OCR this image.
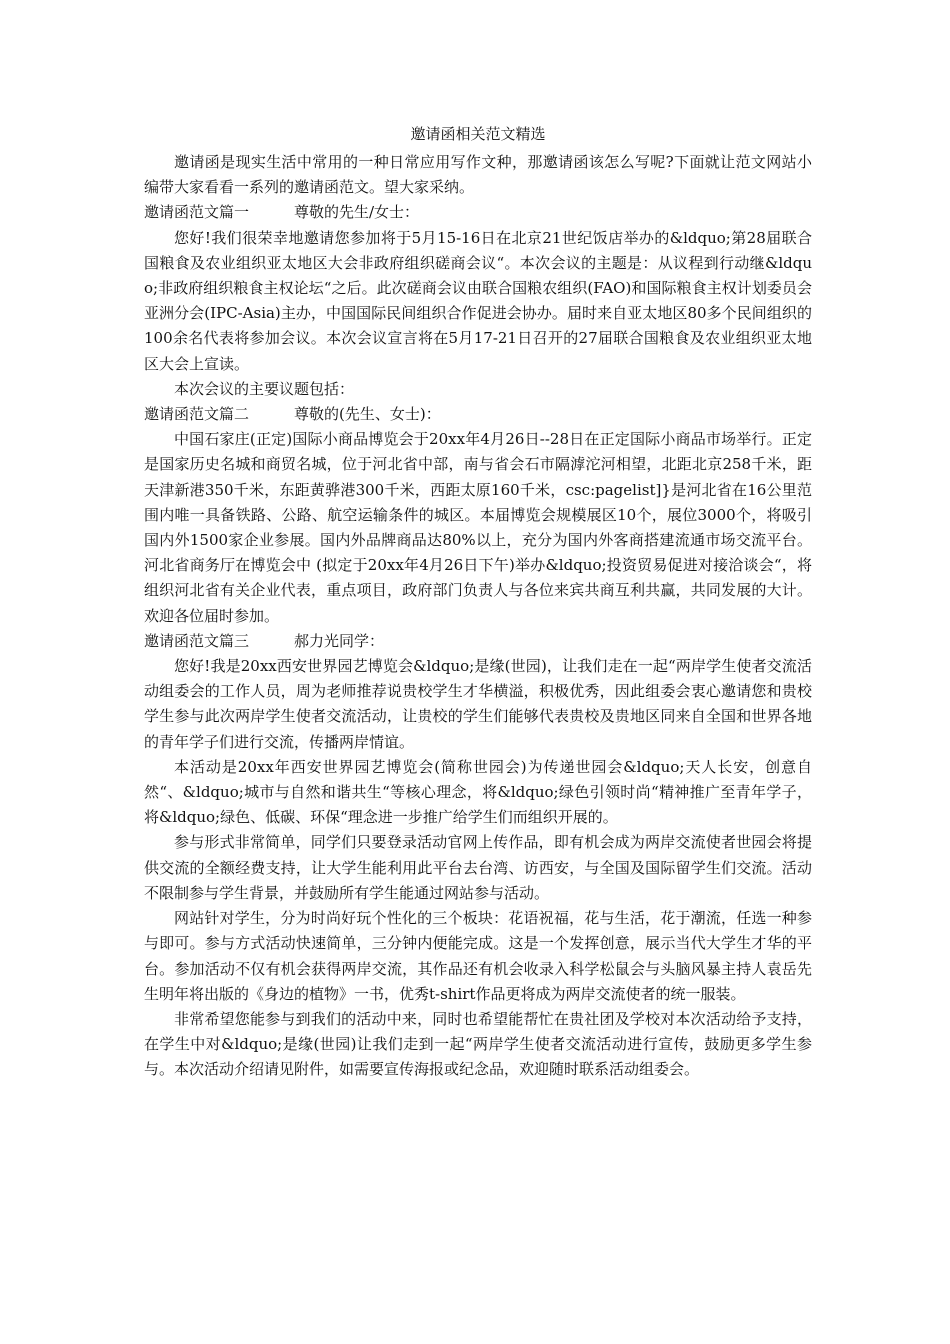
邀请函相关范文精选

邀请函是现实生活中常用的一种日常应用写作文种，那邀请函该怎么写呢?下面就让范文网站小编带大家看看一系列的邀请函范文。望大家采纳。

邀请函范文篇一	尊敬的先生/女士：

您好!我们很荣幸地邀请您参加将于5月15-16日在北京21世纪饭店举办的&ldquo;第28届联合国粮食及农业组织亚太地区大会非政府组织磋商会议“。本次会议的主题是：从议程到行动继&ldquo;非政府组织粮食主权论坛“之后。此次磋商会议由联合国粮农组织(FAO)和国际粮食主权计划委员会亚洲分会(IPC-Asia)主办，中国国际民间组织合作促进会协办。届时来自亚太地区80多个民间组织的100余名代表将参加会议。本次会议宣言将在5月17-21日召开的27届联合国粮食及农业组织亚太地区大会上宣读。

本次会议的主要议题包括：

邀请函范文篇二	尊敬的(先生、女士)：

中国石家庄(正定)国际小商品博览会于20xx年4月26日--28日在正定国际小商品市场举行。正定是国家历史名城和商贸名城，位于河北省中部，南与省会石市隔滹沱河相望，北距北京258千米，距天津新港350千米，东距黄骅港300千米，西距太原160千米，csc:pagelist]}是河北省在16公里范围内唯一具备铁路、公路、航空运输条件的城区。本届博览会规模展区10个，展位3000个，将吸引国内外1500家企业参展。国内外品牌商品达80%以上，充分为国内外客商搭建流通市场交流平台。河北省商务厅在博览会中 (拟定于20xx年4月26日下午)举办&ldquo;投资贸易促进对接洽谈会“，将组织河北省有关企业代表，重点项目，政府部门负责人与各位来宾共商互利共赢，共同发展的大计。欢迎各位届时参加。

邀请函范文篇三	郝力光同学：

您好!我是20xx西安世界园艺博览会&ldquo;是缘(世园)，让我们走在一起“两岸学生使者交流活动组委会的工作人员，周为老师推荐说贵校学生才华横溢，积极优秀，因此组委会衷心邀请您和贵校学生参与此次两岸学生使者交流活动，让贵校的学生们能够代表贵校及贵地区同来自全国和世界各地的青年学子们进行交流，传播两岸情谊。

本活动是20xx年西安世界园艺博览会(简称世园会)为传递世园会&ldquo;天人长安，创意自然“、&ldquo;城市与自然和谐共生“等核心理念，将&ldquo;绿色引领时尚“精神推广至青年学子，将&ldquo;绿色、低碳、环保“理念进一步推广给学生们而组织开展的。

参与形式非常简单，同学们只要登录活动官网上传作品，即有机会成为两岸交流使者世园会将提供交流的全额经费支持，让大学生能利用此平台去台湾、访西安，与全国及国际留学生们交流。活动不限制参与学生背景，并鼓励所有学生能通过网站参与活动。

网站针对学生，分为时尚好玩个性化的三个板块：花语祝福，花与生活，花于潮流，任选一种参与即可。参与方式活动快速简单，三分钟内便能完成。这是一个发挥创意，展示当代大学生才华的平台。参加活动不仅有机会获得两岸交流，其作品还有机会收录入科学松鼠会与头脑风暴主持人袁岳先生明年将出版的《身边的植物》一书，优秀t-shirt作品更将成为两岸交流使者的统一服装。

非常希望您能参与到我们的活动中来，同时也希望能帮忙在贵社团及学校对本次活动给予支持，在学生中对&ldquo;是缘(世园)让我们走到一起“两岸学生使者交流活动进行宣传，鼓励更多学生参与。本次活动介绍请见附件，如需要宣传海报或纪念品，欢迎随时联系活动组委会。
